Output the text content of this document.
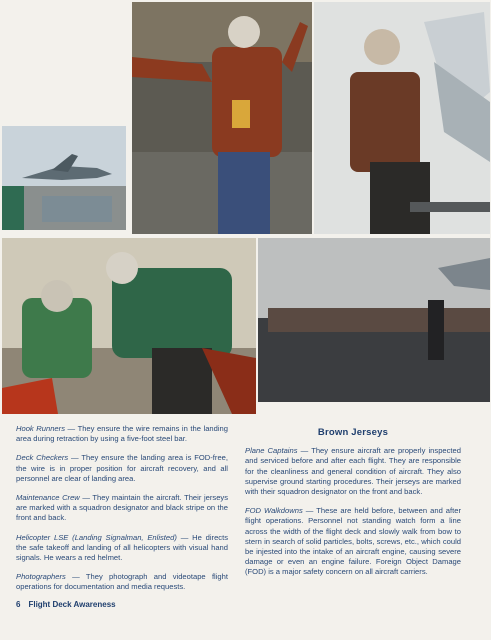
Hook Runners — They ensure the wire remains in the landing area during retraction by using a five-foot steel bar.

Deck Checkers — They ensure the landing area is FOD-free, the wire is in proper position for aircraft recovery, and all personnel are clear of landing area.

Maintenance Crew — They maintain the aircraft. Their jerseys are marked with a squadron designator and black stripe on the front and back.

Helicopter LSE (Landing Signalman, Enlisted) — He directs the safe takeoff and landing of all helicopters with visual hand signals. He wears a red helmet.

Photographers — They photograph and videotape flight operations for documentation and media requests.

Brown Jerseys

Plane Captains — They ensure aircraft are properly inspected and serviced before and after each flight. They are responsible for the cleanliness and general condition of aircraft. They also supervise ground starting procedures. Their jerseys are marked with their squadron designator on the front and back.

FOD Walkdowns — These are held before, between and after flight operations. Personnel not standing watch form a line across the width of the flight deck and slowly walk from bow to stern in search of solid particles, bolts, screws, etc., which could be injested into the intake of an aircraft engine, causing severe damage or even an engine failure. Foreign Object Damage (FOD) is a major safety concern on all aircraft carriers.

6 Flight Deck Awareness
